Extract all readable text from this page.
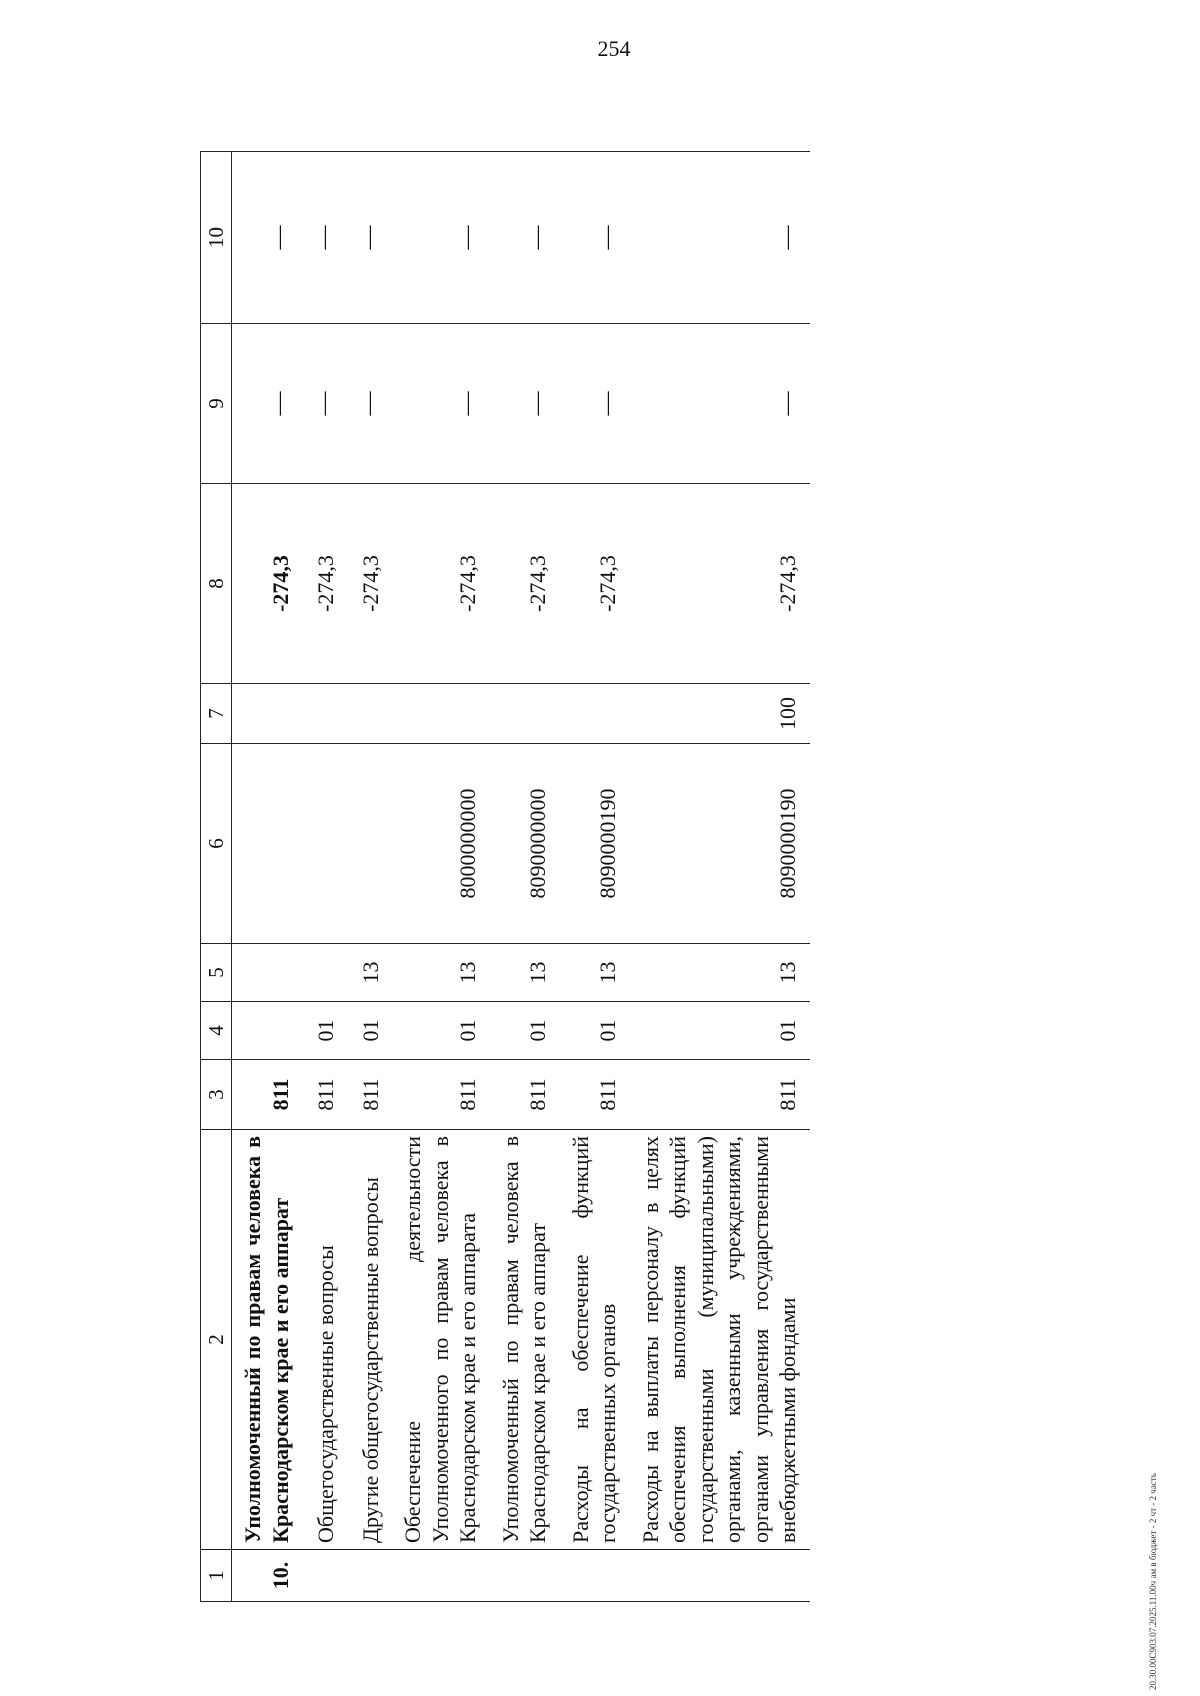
254
1	2	3	4	5	6	7	8	9	10
10.	Уполномоченный по правам человека в Краснодарском крае и его аппарат	811					-274,3	—	—
	Общегосударственные вопросы	811	01				-274,3	—	—
	Другие общегосударственные вопросы	811	01	13			-274,3	—	—
	Обеспечение деятельности Уполномоченного по правам человека в Краснодарском крае и его аппарата	811	01	13	8000000000		-274,3	—	—
	Уполномоченный по правам человека в Краснодарском крае и его аппарат	811	01	13	8090000000		-274,3	—	—
	Расходы на обеспечение функций государственных органов	811	01	13	8090000190		-274,3	—	—
	Расходы на выплаты персоналу в целях обеспечения выполнения функций государственными (муниципальными) органами, казенными учреждениями, органами управления государственными внебюджетными фондами	811	01	13	8090000190	100	-274,3	—	—
20.30.00С903.07.2025.11.00ч ам в бюджет - 2 чт - 2 часть
